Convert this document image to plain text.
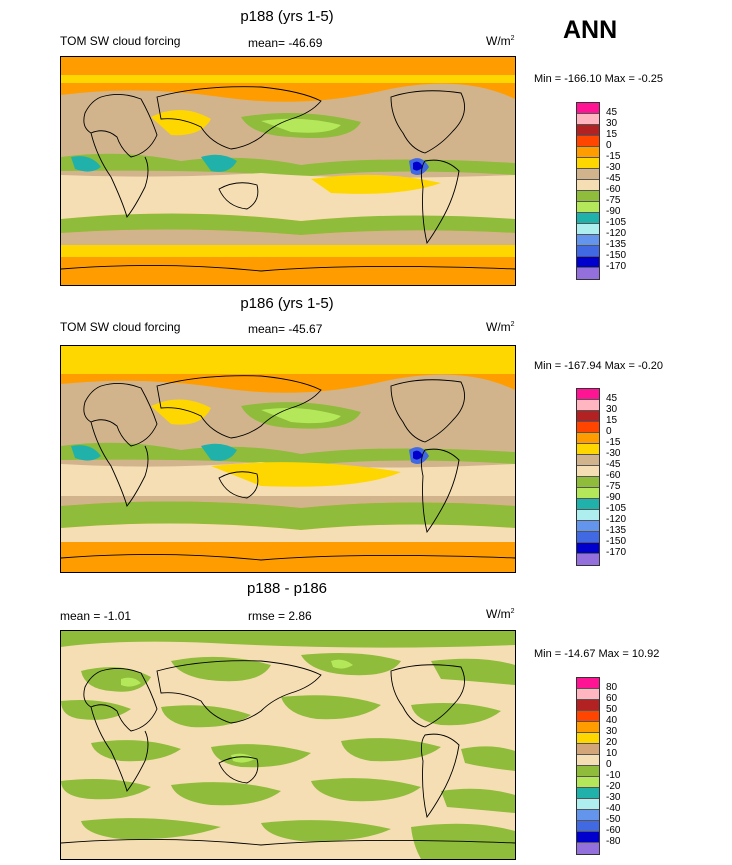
ANN
p188 (yrs 1-5)
TOM SW cloud forcing	mean= -46.69	$W/m^2$
Min = -166.10 Max = -0.25
45
30
15
0
-15
-30
-45
-60
-75
-90
-105
-120
-135
-150
-170
p186 (yrs 1-5)
TOM SW cloud forcing	mean= -45.67	$W/m^2$
Min = -167.94 Max = -0.20
45
30
15
0
-15
-30
-45
-60
-75
-90
-105
-120
-135
-150
-170
p188 - p186
mean = -1.01	rmse = 2.86	$W/m^2$
Min = -14.67 Max = 10.92
80
60
50
40
30
20
10
0
-10
-20
-30
-40
-50
-60
-80
